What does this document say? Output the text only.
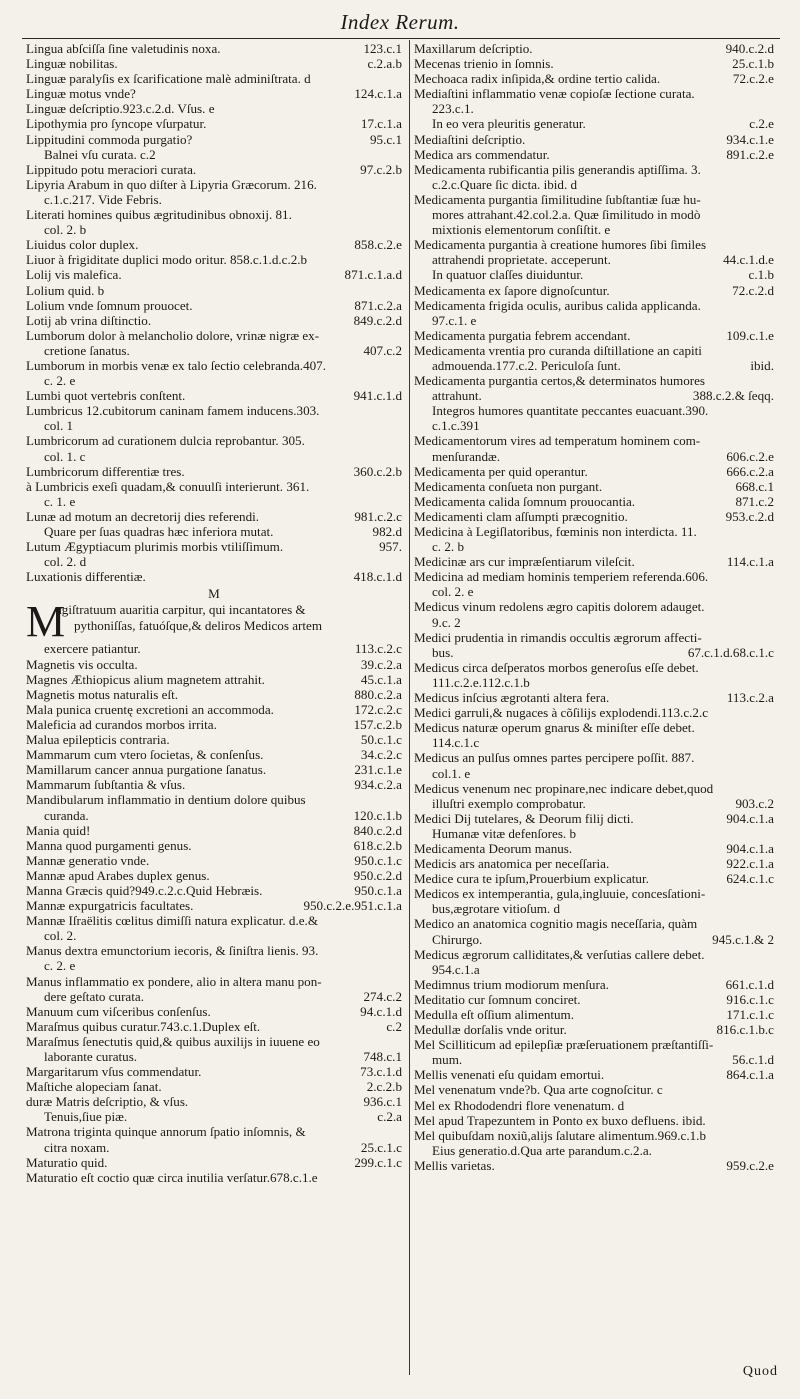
Index Rerum.
Lingua abſciſſa ſine valetudinis noxa.	123.c.1
Linguæ nobilitas.	c.2.a.b
Linguæ paralyſis ex ſcarificatione malè adminiſtrata. d
Linguæ motus vnde?	124.c.1.a
Linguæ deſcriptio.923.c.2.d. Vſus. e
Lipothymia pro ſyncope vſurpatur.	17.c.1.a
Lippitudini commoda purgatio?	95.c.1
Balnei vſu curata. c.2
Lippitudo potu meraciori curata.	97.c.2.b
Lipyria Arabum in quo diſter à Lipyria Græcorum. 216.
c.1.c.217. Vide Febris.
Literati homines quibus ægritudinibus obnoxij. 81.
col. 2. b
Liuidus color duplex.	858.c.2.e
Liuor à frigiditate duplici modo oritur. 858.c.1.d.c.2.b
Lolij vis malefica.	871.c.1.a.d
Lolium quid. b
Lolium vnde ſomnum prouocet.	871.c.2.a
Lotij ab vrina diſtinctio.	849.c.2.d
Lumborum dolor à melancholio dolore, vrinæ nigræ ex-
cretione ſanatus.	407.c.2
Lumborum in morbis venæ ex talo ſectio celebranda.407.
c. 2. e
Lumbi quot vertebris conſtent.	941.c.1.d
Lumbricus 12.cubitorum caninam famem inducens.303.
col. 1
Lumbricorum ad curationem dulcia reprobantur. 305.
col. 1. c
Lumbricorum differentiæ tres.	360.c.2.b
à Lumbricis exeſi quadam,& conuulſi interierunt. 361.
c. 1. e
Lunæ ad motum an decretorij dies referendi.	981.c.2.c
Quare per ſuas quadras hæc inferiora mutat.	982.d
Lutum Ægyptiacum plurimis morbis vtiliſſimum.	957.
col. 2. d
Luxationis differentiæ.	418.c.1.d
M
M
agiſtratuum auaritia carpitur, qui incantatores &
pythoniſſas, fatuóſque,& deliros Medicos artem
exercere patiantur.	113.c.2.c
Magnetis vis occulta.	39.c.2.a
Magnes Æthiopicus alium magnetem attrahit.	45.c.1.a
Magnetis motus naturalis eſt.	880.c.2.a
Mala punica cruentę excretioni an accommoda.	172.c.2.c
Maleficia ad curandos morbos irrita.	157.c.2.b
Malua epilepticis contraria.	50.c.1.c
Mammarum cum vtero ſocietas, & conſenſus.	34.c.2.c
Mamillarum cancer annua purgatione ſanatus.	231.c.1.e
Mammarum ſubſtantia & vſus.	934.c.2.a
Mandibularum inflammatio in dentium dolore quibus
curanda.	120.c.1.b
Mania quid!	840.c.2.d
Manna quod purgamenti genus.	618.c.2.b
Mannæ generatio vnde.	950.c.1.c
Mannæ apud Arabes duplex genus.	950.c.2.d
Manna Græcis quid?949.c.2.c.Quid Hebræis.	950.c.1.a
Mannæ expurgatricis facultates.	950.c.2.e.951.c.1.a
Mannæ Iſraëlitis cœlitus dimiſſi natura explicatur. d.e.&
col. 2.
Manus dextra emunctorium iecoris, & ſiniſtra lienis. 93.
c. 2. e
Manus inflammatio ex pondere, alio in altera manu pon-
dere geſtato curata.	274.c.2
Manuum cum viſceribus conſenſus.	94.c.1.d
Maraſmus quibus curatur.743.c.1.Duplex eſt.	c.2
Maraſmus ſenectutis quid,& quibus auxilijs in iuuene eo
laborante curatus.	748.c.1
Margaritarum vſus commendatur.	73.c.1.d
Maſtiche alopeciam ſanat.	2.c.2.b
duræ Matris deſcriptio, & vſus.	936.c.1
Tenuis,ſiue piæ.	c.2.a
Matrona triginta quinque annorum ſpatio inſomnis, &
citra noxam.	25.c.1.c
Maturatio quid.	299.c.1.c
Maturatio eſt coctio quæ circa inutilia verſatur.678.c.1.e
Maxillarum deſcriptio.	940.c.2.d
Mecenas trienio in ſomnis.	25.c.1.b
Mechoaca radix inſipida,& ordine tertio calida.	72.c.2.e
Mediaſtini inflammatio venæ copioſæ ſectione curata.
223.c.1.
In eo vera pleuritis generatur.	c.2.e
Mediaſtini deſcriptio.	934.c.1.e
Medica ars commendatur.	891.c.2.e
Medicamenta rubificantia pilis generandis aptiſſima. 3.
c.2.c.Quare ſic dicta. ibid. d
Medicamenta purgantia ſimilitudine ſubſtantiæ ſuæ hu-
mores attrahant.42.col.2.a. Quæ ſimilitudo in modò
mixtionis elementorum conſiſtit. e
Medicamenta purgantia à creatione humores ſibi ſimiles
attrahendi proprietate. acceperunt.	44.c.1.d.e
In quatuor claſſes diuiduntur.	c.1.b
Medicamenta ex ſapore dignoſcuntur.	72.c.2.d
Medicamenta frigida oculis, auribus calida applicanda.
97.c.1. e
Medicamenta purgatia febrem accendant.	109.c.1.e
Medicamenta vrentia pro curanda diſtillatione an capiti
admouenda.177.c.2. Periculoſa ſunt.	ibid.
Medicamenta purgantia certos,& determinatos humores
attrahunt.	388.c.2.& ſeqq.
Integros humores quantitate peccantes euacuant.390.
c.1.c.391
Medicamentorum vires ad temperatum hominem com-
menſurandæ.	606.c.2.e
Medicamenta per quid operantur.	666.c.2.a
Medicamenta conſueta non purgant.	668.c.1
Medicamenta calida ſomnum prouocantia.	871.c.2
Medicamenti clam aſſumpti præcognitio.	953.c.2.d
Medicina à Legiſlatoribus, fœminis non interdicta. 11.
c. 2. b
Medicinæ ars cur impræſentiarum vileſcit.	114.c.1.a
Medicina ad mediam hominis temperiem referenda.606.
col. 2. e
Medicus vinum redolens ægro capitis dolorem adauget.
9.c. 2
Medici prudentia in rimandis occultis ægrorum affecti-
bus.	67.c.1.d.68.c.1.c
Medicus circa deſperatos morbos generoſus eſſe debet.
111.c.2.e.112.c.1.b
Medicus inſcius ægrotanti altera fera.	113.c.2.a
Medici garruli,& nugaces à cõſilijs explodendi.113.c.2.c
Medicus naturæ operum gnarus & miniſter eſſe debet.
114.c.1.c
Medicus an pulſus omnes partes percipere poſſit. 887.
col.1. e
Medicus venenum nec propinare,nec indicare debet,quod
illuſtri exemplo comprobatur.	903.c.2
Medici Dij tutelares, & Deorum filij dicti.	904.c.1.a
Humanæ vitæ defenſores. b
Medicamenta Deorum manus.	904.c.1.a
Medicis ars anatomica per neceſſaria.	922.c.1.a
Medice cura te ipſum,Prouerbium explicatur.	624.c.1.c
Medicos ex intemperantia, gula,ingluuie, concesſationi-
bus,ægrotare vitioſum. d
Medico an anatomica cognitio magis neceſſaria, quàm
Chirurgo.	945.c.1.& 2
Medicus ægrorum calliditates,& verſutias callere debet.
954.c.1.a
Medimnus trium modiorum menſura.	661.c.1.d
Meditatio cur ſomnum conciret.	916.c.1.c
Medulla eſt oſſium alimentum.	171.c.1.c
Medullæ dorſalis vnde oritur.	816.c.1.b.c
Mel Scilliticum ad epilepſiæ præſeruationem præſtantiſſi-
mum.	56.c.1.d
Mellis venenati eſu quidam emortui.	864.c.1.a
Mel venenatum vnde?b. Qua arte cognoſcitur. c
Mel ex Rhododendri flore venenatum. d
Mel apud Trapezuntem in Ponto ex buxo defluens. ibid.
Mel quibuſdam noxiũ,alijs ſalutare alimentum.969.c.1.b
Eius generatio.d.Qua arte parandum.c.2.a.
Mellis varietas.	959.c.2.e
Quod
